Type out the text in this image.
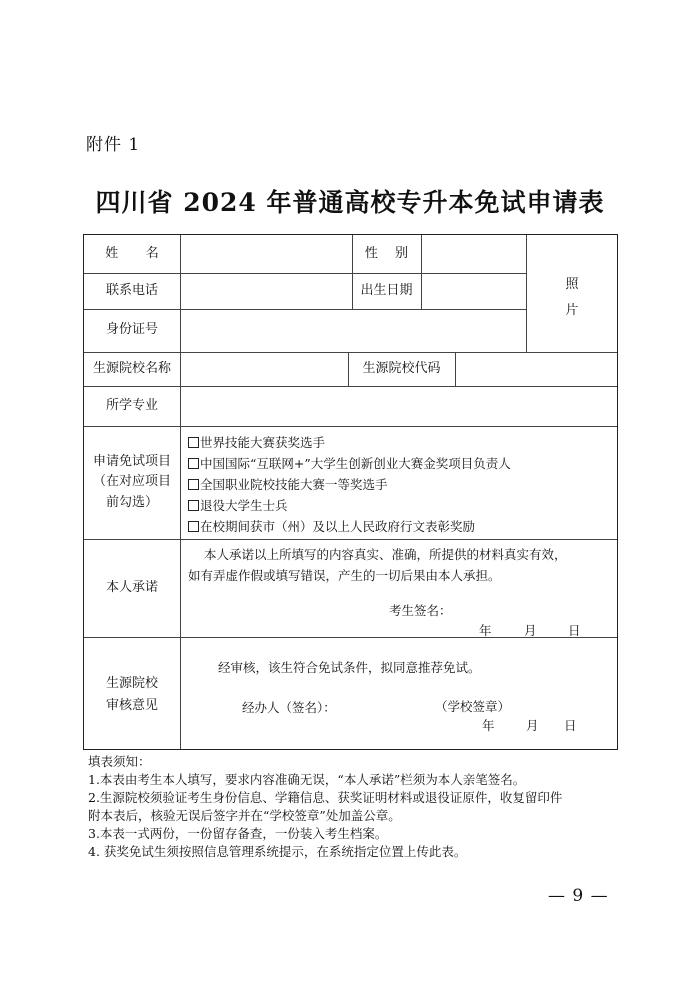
附件 1
四川省 2024 年普通高校专升本免试申请表
姓 名	性 别
联系电话	出生日期
身份证号
照
片
生源院校名称	生源院校代码
所学专业
申请免试项目（在对应项目前勾选）
世界技能大赛获奖选手
中国国际“互联网+”大学生创新创业大赛金奖项目负责人
全国职业院校技能大赛一等奖选手
退役大学生士兵
在校期间获市（州）及以上人民政府行文表彰奖励
本人承诺
本人承诺以上所填写的内容真实、准确，所提供的材料真实有效，
如有弄虚作假或填写错误，产生的一切后果由本人承担。
考生签名：
年	月	日
生源院校
审核意见
经审核，该生符合免试条件，拟同意推荐免试。
经办人（签名）：	（学校签章）
年	月 日
填表须知：
1.本表由考生本人填写，要求内容准确无误，“本人承诺”栏须为本人亲笔签名。
2.生源院校须验证考生身份信息、学籍信息、获奖证明材料或退役证原件，收复留印件
附本表后，核验无误后签字并在“学校签章”处加盖公章。
3.本表一式两份，一份留存备查，一份装入考生档案。
4. 获奖免试生须按照信息管理系统提示，在系统指定位置上传此表。
— 9 —
